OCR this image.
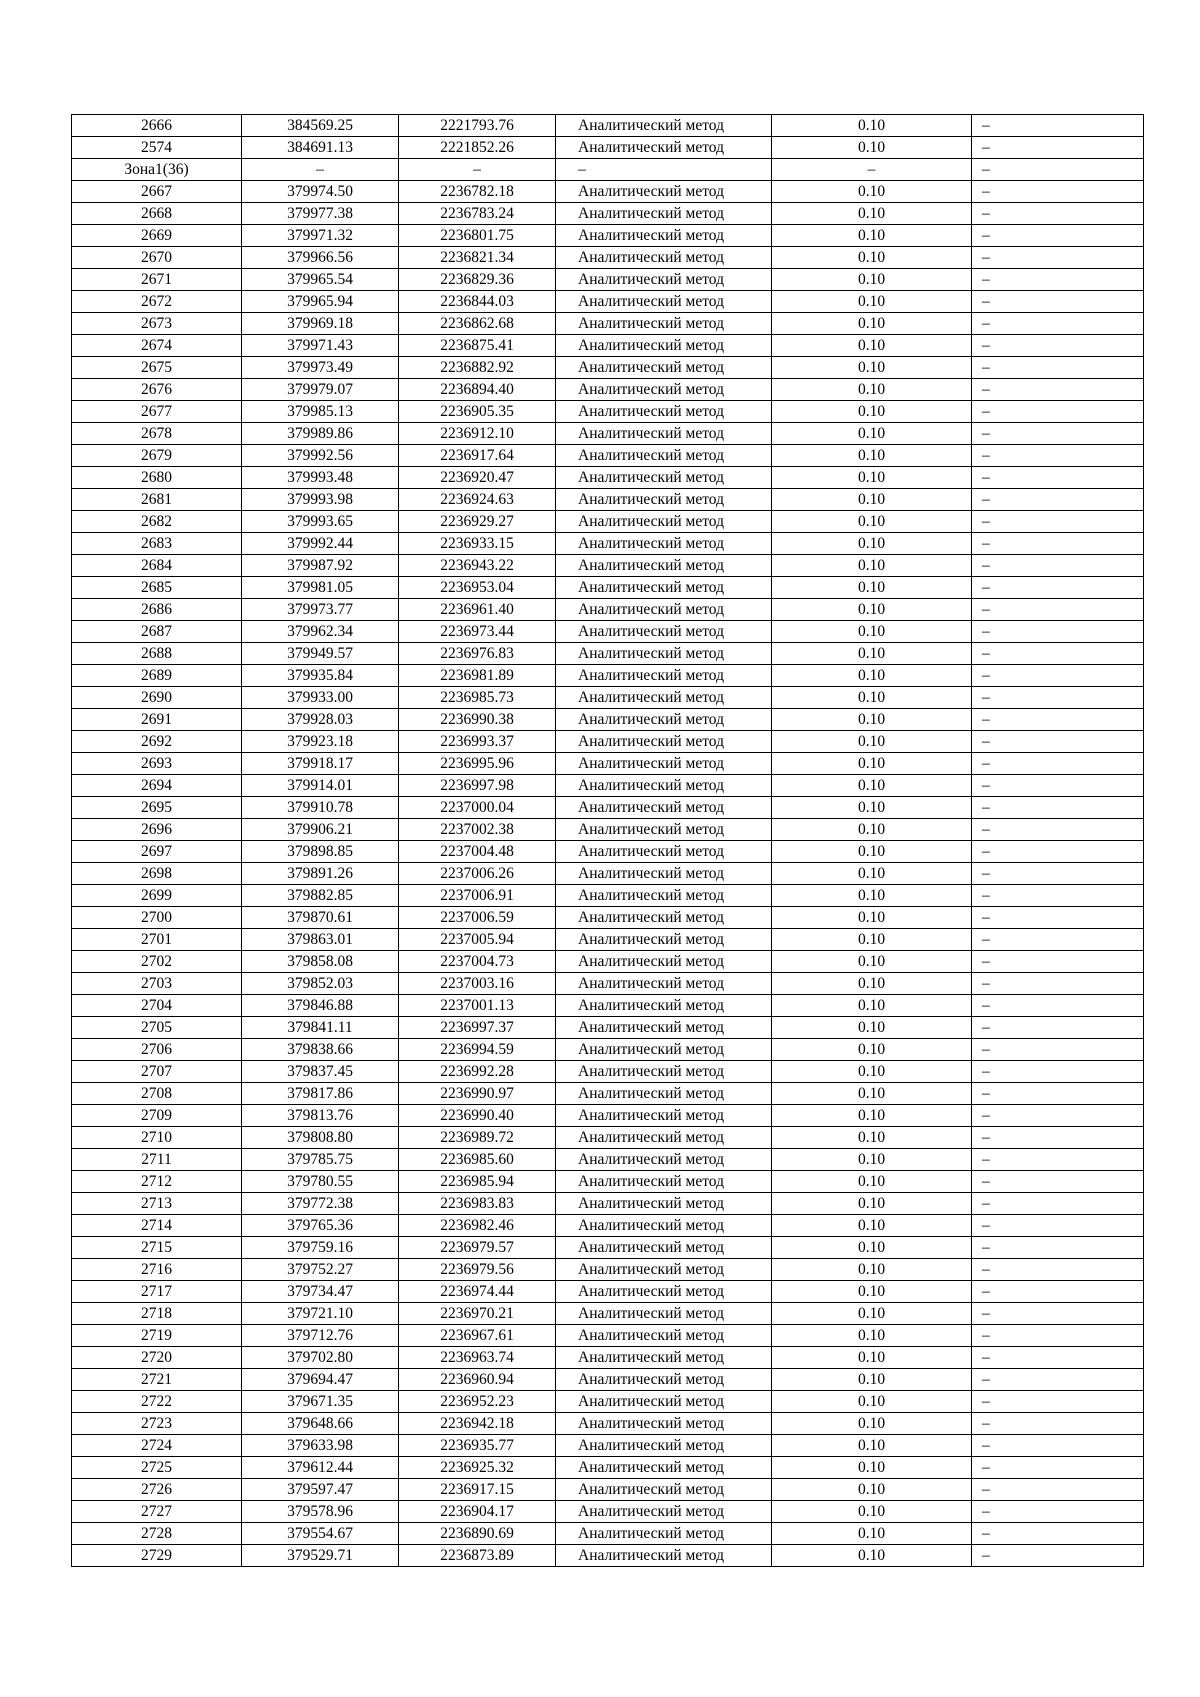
2666	384569.25	2221793.76	Аналитический метод	0.10	–
2574	384691.13	2221852.26	Аналитический метод	0.10	–
Зона1(36)	–	–	–	–	–
2667	379974.50	2236782.18	Аналитический метод	0.10	–
2668	379977.38	2236783.24	Аналитический метод	0.10	–
2669	379971.32	2236801.75	Аналитический метод	0.10	–
2670	379966.56	2236821.34	Аналитический метод	0.10	–
2671	379965.54	2236829.36	Аналитический метод	0.10	–
2672	379965.94	2236844.03	Аналитический метод	0.10	–
2673	379969.18	2236862.68	Аналитический метод	0.10	–
2674	379971.43	2236875.41	Аналитический метод	0.10	–
2675	379973.49	2236882.92	Аналитический метод	0.10	–
2676	379979.07	2236894.40	Аналитический метод	0.10	–
2677	379985.13	2236905.35	Аналитический метод	0.10	–
2678	379989.86	2236912.10	Аналитический метод	0.10	–
2679	379992.56	2236917.64	Аналитический метод	0.10	–
2680	379993.48	2236920.47	Аналитический метод	0.10	–
2681	379993.98	2236924.63	Аналитический метод	0.10	–
2682	379993.65	2236929.27	Аналитический метод	0.10	–
2683	379992.44	2236933.15	Аналитический метод	0.10	–
2684	379987.92	2236943.22	Аналитический метод	0.10	–
2685	379981.05	2236953.04	Аналитический метод	0.10	–
2686	379973.77	2236961.40	Аналитический метод	0.10	–
2687	379962.34	2236973.44	Аналитический метод	0.10	–
2688	379949.57	2236976.83	Аналитический метод	0.10	–
2689	379935.84	2236981.89	Аналитический метод	0.10	–
2690	379933.00	2236985.73	Аналитический метод	0.10	–
2691	379928.03	2236990.38	Аналитический метод	0.10	–
2692	379923.18	2236993.37	Аналитический метод	0.10	–
2693	379918.17	2236995.96	Аналитический метод	0.10	–
2694	379914.01	2236997.98	Аналитический метод	0.10	–
2695	379910.78	2237000.04	Аналитический метод	0.10	–
2696	379906.21	2237002.38	Аналитический метод	0.10	–
2697	379898.85	2237004.48	Аналитический метод	0.10	–
2698	379891.26	2237006.26	Аналитический метод	0.10	–
2699	379882.85	2237006.91	Аналитический метод	0.10	–
2700	379870.61	2237006.59	Аналитический метод	0.10	–
2701	379863.01	2237005.94	Аналитический метод	0.10	–
2702	379858.08	2237004.73	Аналитический метод	0.10	–
2703	379852.03	2237003.16	Аналитический метод	0.10	–
2704	379846.88	2237001.13	Аналитический метод	0.10	–
2705	379841.11	2236997.37	Аналитический метод	0.10	–
2706	379838.66	2236994.59	Аналитический метод	0.10	–
2707	379837.45	2236992.28	Аналитический метод	0.10	–
2708	379817.86	2236990.97	Аналитический метод	0.10	–
2709	379813.76	2236990.40	Аналитический метод	0.10	–
2710	379808.80	2236989.72	Аналитический метод	0.10	–
2711	379785.75	2236985.60	Аналитический метод	0.10	–
2712	379780.55	2236985.94	Аналитический метод	0.10	–
2713	379772.38	2236983.83	Аналитический метод	0.10	–
2714	379765.36	2236982.46	Аналитический метод	0.10	–
2715	379759.16	2236979.57	Аналитический метод	0.10	–
2716	379752.27	2236979.56	Аналитический метод	0.10	–
2717	379734.47	2236974.44	Аналитический метод	0.10	–
2718	379721.10	2236970.21	Аналитический метод	0.10	–
2719	379712.76	2236967.61	Аналитический метод	0.10	–
2720	379702.80	2236963.74	Аналитический метод	0.10	–
2721	379694.47	2236960.94	Аналитический метод	0.10	–
2722	379671.35	2236952.23	Аналитический метод	0.10	–
2723	379648.66	2236942.18	Аналитический метод	0.10	–
2724	379633.98	2236935.77	Аналитический метод	0.10	–
2725	379612.44	2236925.32	Аналитический метод	0.10	–
2726	379597.47	2236917.15	Аналитический метод	0.10	–
2727	379578.96	2236904.17	Аналитический метод	0.10	–
2728	379554.67	2236890.69	Аналитический метод	0.10	–
2729	379529.71	2236873.89	Аналитический метод	0.10	–
